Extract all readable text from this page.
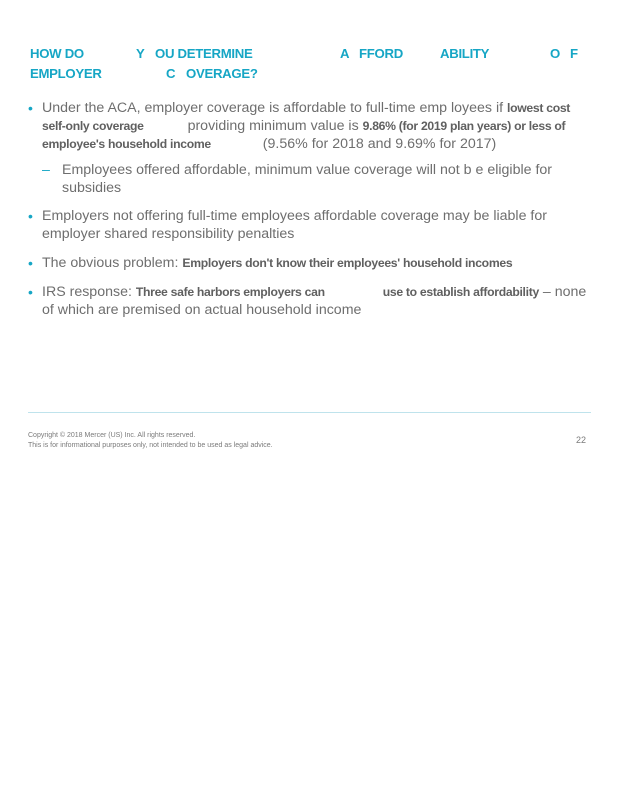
HOW DO

	Y

OU DETERMINE

	A

FFORD

	ABILITY

	O

F

EMPLOYER

	C

OVERAGE?

• Under the ACA, employer coverage is affordable to full-time emp loyees if lowest cost self-only coverage	providing minimum value is 9.86% (for 2019 plan years) or less of employee's household income	(9.56% for 2018 and 9.69% for 2017)
– Employees offered affordable, minimum value coverage will not b e eligible for subsidies
• Employers not offering full-time employees affordable coverage may be liable for employer shared responsibility penalties
• The obvious problem: Employers don't know their employees' household incomes
• IRS response: Three safe harbors employers can	use to establish affordability – none of which are premised on actual household income
Copyright © 2018 Mercer (US) Inc. All rights reserved.
This is for informational purposes only, not intended to be used as legal advice.
22
